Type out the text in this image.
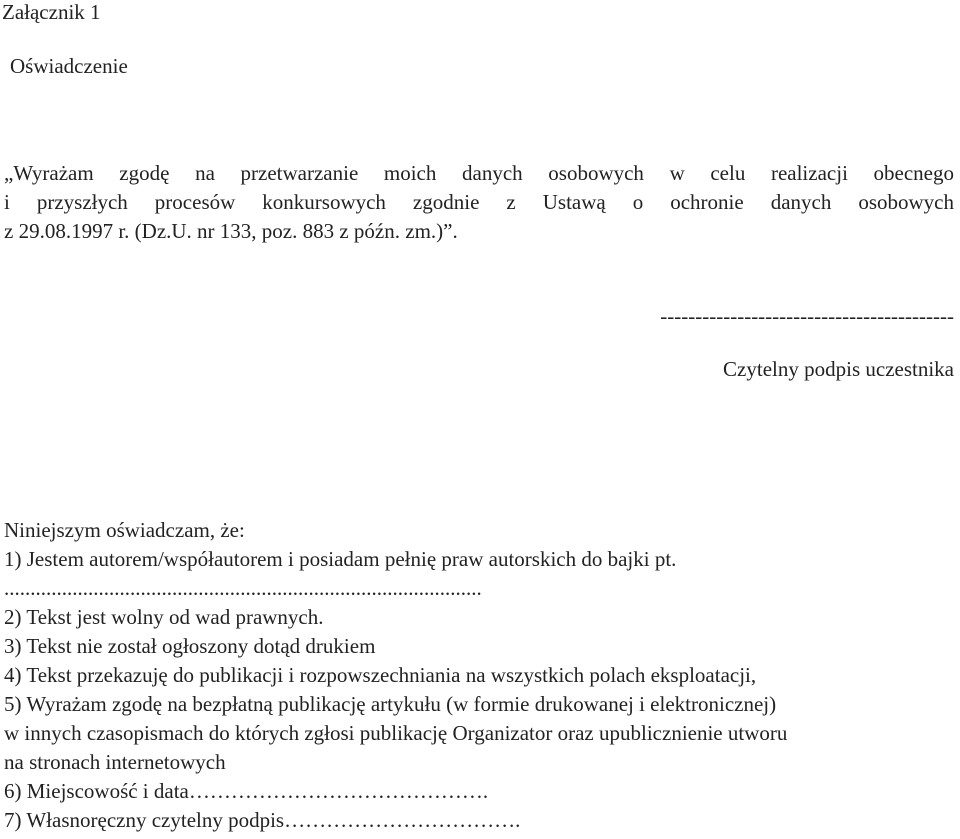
Załącznik 1
Oświadczenie
„Wyrażam zgodę na przetwarzanie moich danych osobowych w celu realizacji obecnego
i przyszłych procesów konkursowych zgodnie z Ustawą o ochronie danych osobowych
z 29.08.1997 r. (Dz.U. nr 133, poz. 883 z późn. zm.)”.
------------------------------------------
Czytelny podpis uczestnika
Niniejszym oświadczam, że:
1) Jestem autorem/współautorem i posiadam pełnię praw autorskich do bajki pt.
...........................................................................................
2) Tekst jest wolny od wad prawnych.
3) Tekst nie został ogłoszony dotąd drukiem
4) Tekst przekazuję do publikacji i rozpowszechniania na wszystkich polach eksploatacji,
5) Wyrażam zgodę na bezpłatną publikację artykułu (w formie drukowanej i elektronicznej)
w innych czasopismach do których zgłosi publikację Organizator oraz upublicznienie utworu
na stronach internetowych
6) Miejscowość i data…………………………………….
7) Własnoręczny czytelny podpis…………………………….
